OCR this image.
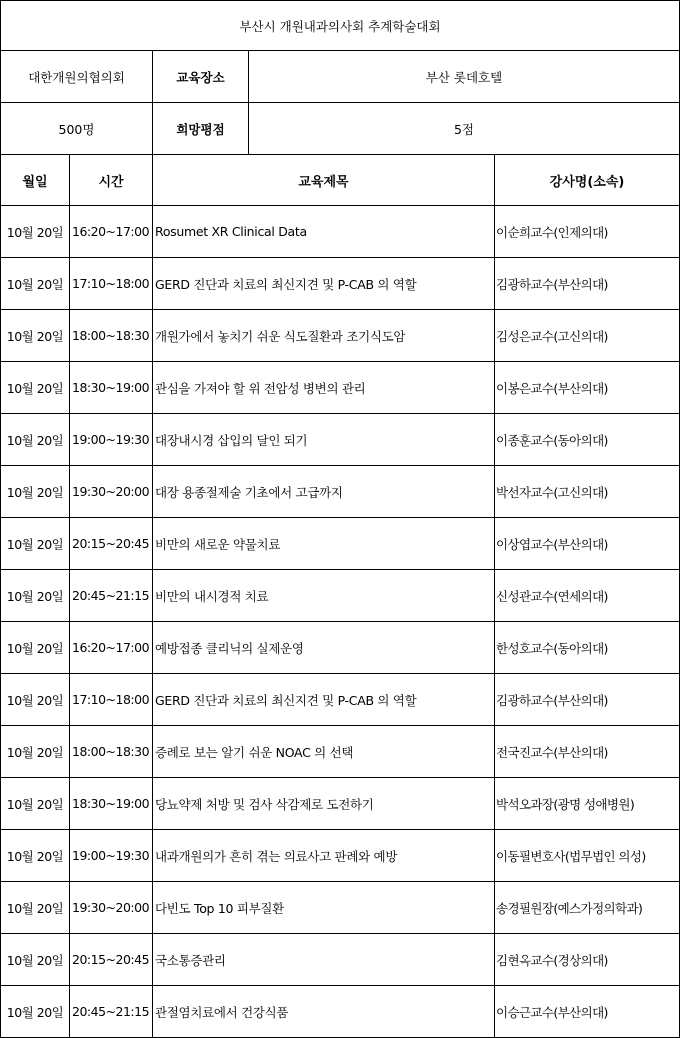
부산시 개원내과의사회 추계학술대회				
대한개원의협의회		교육장소	부산 롯데호텔	
500명		희망평점	5점	
월일	시간	교육제목		강사명(소속)
10월 20일	16:20~17:00	Rosumet XR Clinical Data		이순희교수(인제의대)
10월 20일	17:10~18:00	GERD 진단과 치료의 최신지견 및 P-CAB 의 역할		김광하교수(부산의대)
10월 20일	18:00~18:30	개원가에서 놓치기 쉬운 식도질환과 조기식도암		김성은교수(고신의대)
10월 20일	18:30~19:00	관심을 가져야 할 위 전암성 병변의 관리		이봉은교수(부산의대)
10월 20일	19:00~19:30	대장내시경 삽입의 달인 되기		이종훈교수(동아의대)
10월 20일	19:30~20:00	대장 용종절제술 기초에서 고급까지		박선자교수(고신의대)
10월 20일	20:15~20:45	비만의 새로운 약물치료		이상엽교수(부산의대)
10월 20일	20:45~21:15	비만의 내시경적 치료		신성관교수(연세의대)
10월 20일	16:20~17:00	예방접종 클리닉의 실제운영		한성호교수(동아의대)
10월 20일	17:10~18:00	GERD 진단과 치료의 최신지견 및 P-CAB 의 역할		김광하교수(부산의대)
10월 20일	18:00~18:30	증례로 보는 알기 쉬운 NOAC 의 선택		전국진교수(부산의대)
10월 20일	18:30~19:00	당뇨약제 처방 및 검사 삭감제로 도전하기		박석오과장(광명 성애병원)
10월 20일	19:00~19:30	내과개원의가 흔히 겪는 의료사고 판례와 예방		이동필변호사(법무법인 의성)
10월 20일	19:30~20:00	다빈도 Top 10 피부질환		송경필원장(예스가정의학과)
10월 20일	20:15~20:45	국소통증관리		김현옥교수(경상의대)
10월 20일	20:45~21:15	관절염치료에서 건강식품		이승근교수(부산의대)
